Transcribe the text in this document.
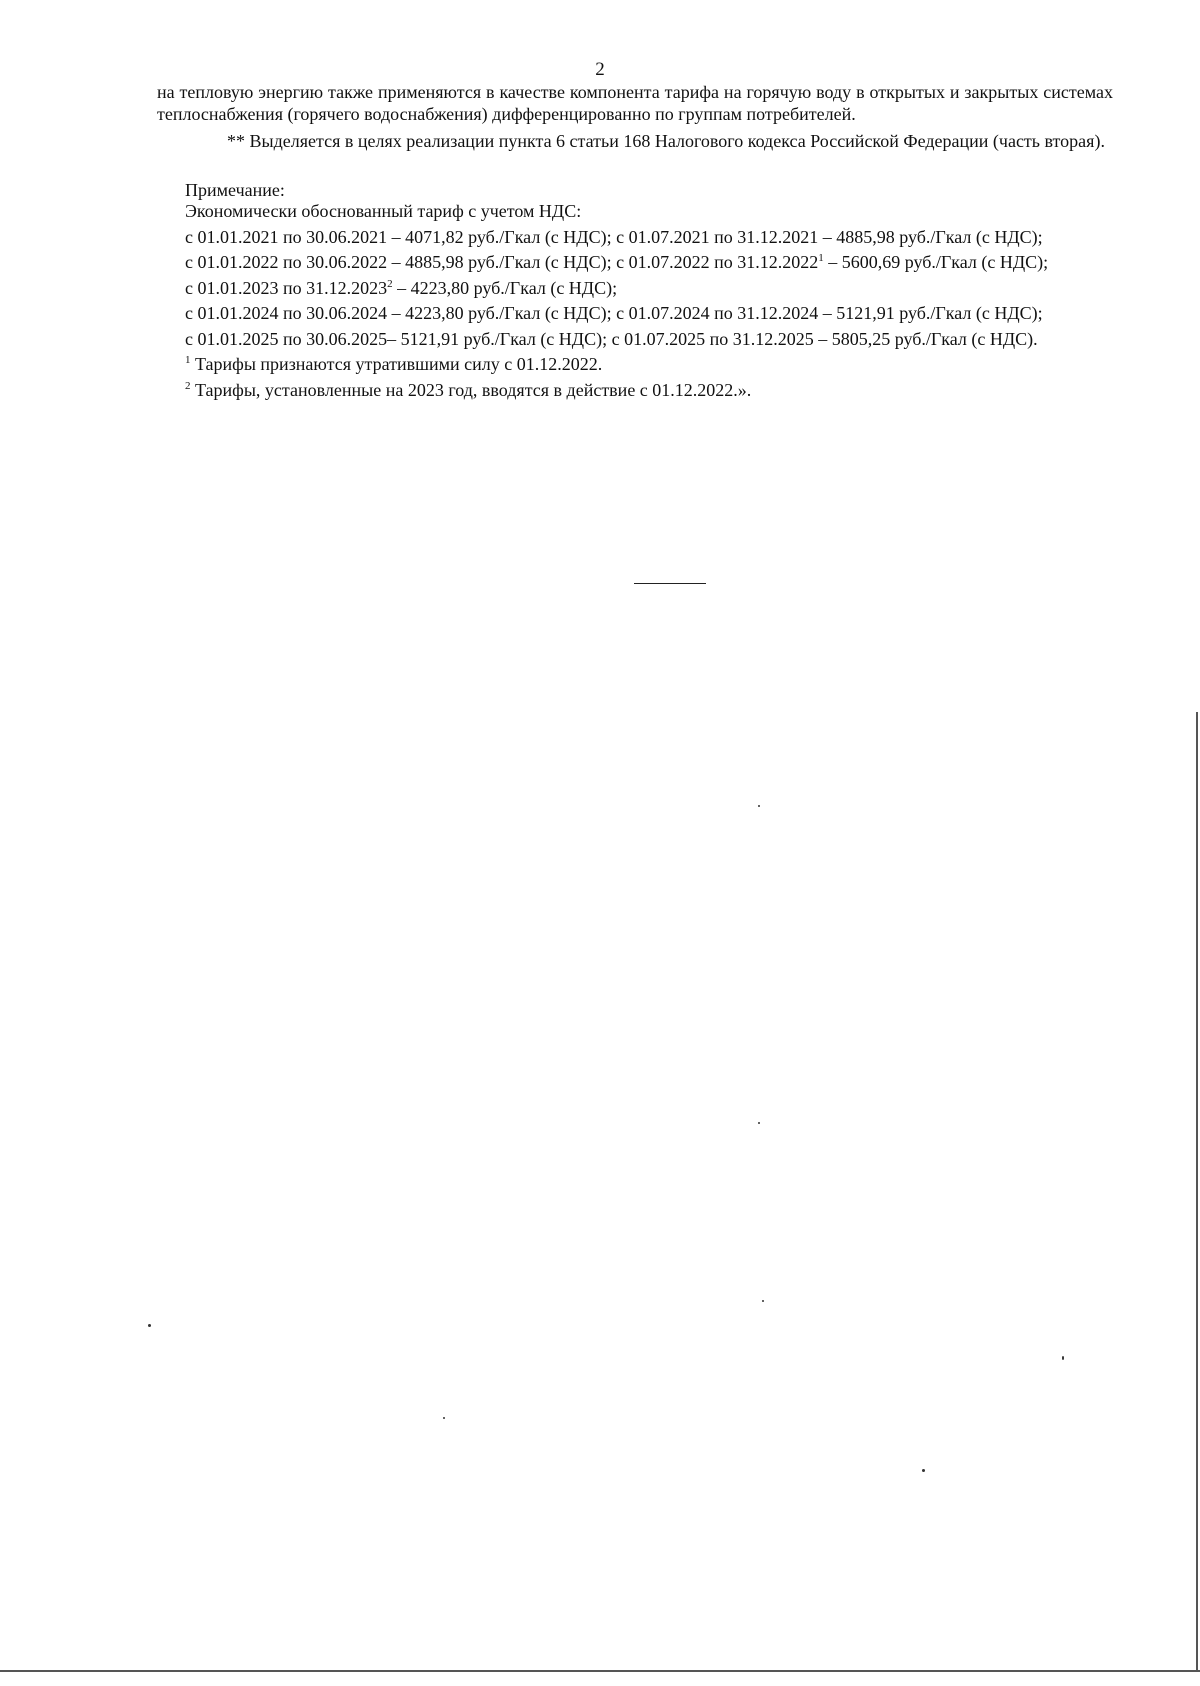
2

на тепловую энергию также применяются в качестве компонента тарифа на горячую воду в открытых и закрытых системах теплоснабжения (горячего водоснабжения) дифференцированно по группам потребителей.

** Выделяется в целях реализации пункта 6 статьи 168 Налогового кодекса Российской Федерации (часть вторая).

Примечание:

Экономически обоснованный тариф с учетом НДС:

с 01.01.2021 по 30.06.2021 – 4071,82 руб./Гкал (с НДС); с 01.07.2021 по 31.12.2021 – 4885,98 руб./Гкал (с НДС);

с 01.01.2022 по 30.06.2022 – 4885,98 руб./Гкал (с НДС); с 01.07.2022 по 31.12.2022$^1$ – 5600,69 руб./Гкал (с НДС);

с 01.01.2023 по 31.12.2023$^2$ – 4223,80 руб./Гкал (с НДС);

с 01.01.2024 по 30.06.2024 – 4223,80 руб./Гкал (с НДС); с 01.07.2024 по 31.12.2024 – 5121,91 руб./Гкал (с НДС);

с 01.01.2025 по 30.06.2025– 5121,91 руб./Гкал (с НДС); с 01.07.2025 по 31.12.2025 – 5805,25 руб./Гкал (с НДС).

$^1$ Тарифы признаются утратившими силу с 01.12.2022.

$^2$ Тарифы, установленные на 2023 год, вводятся в действие с 01.12.2022.».
